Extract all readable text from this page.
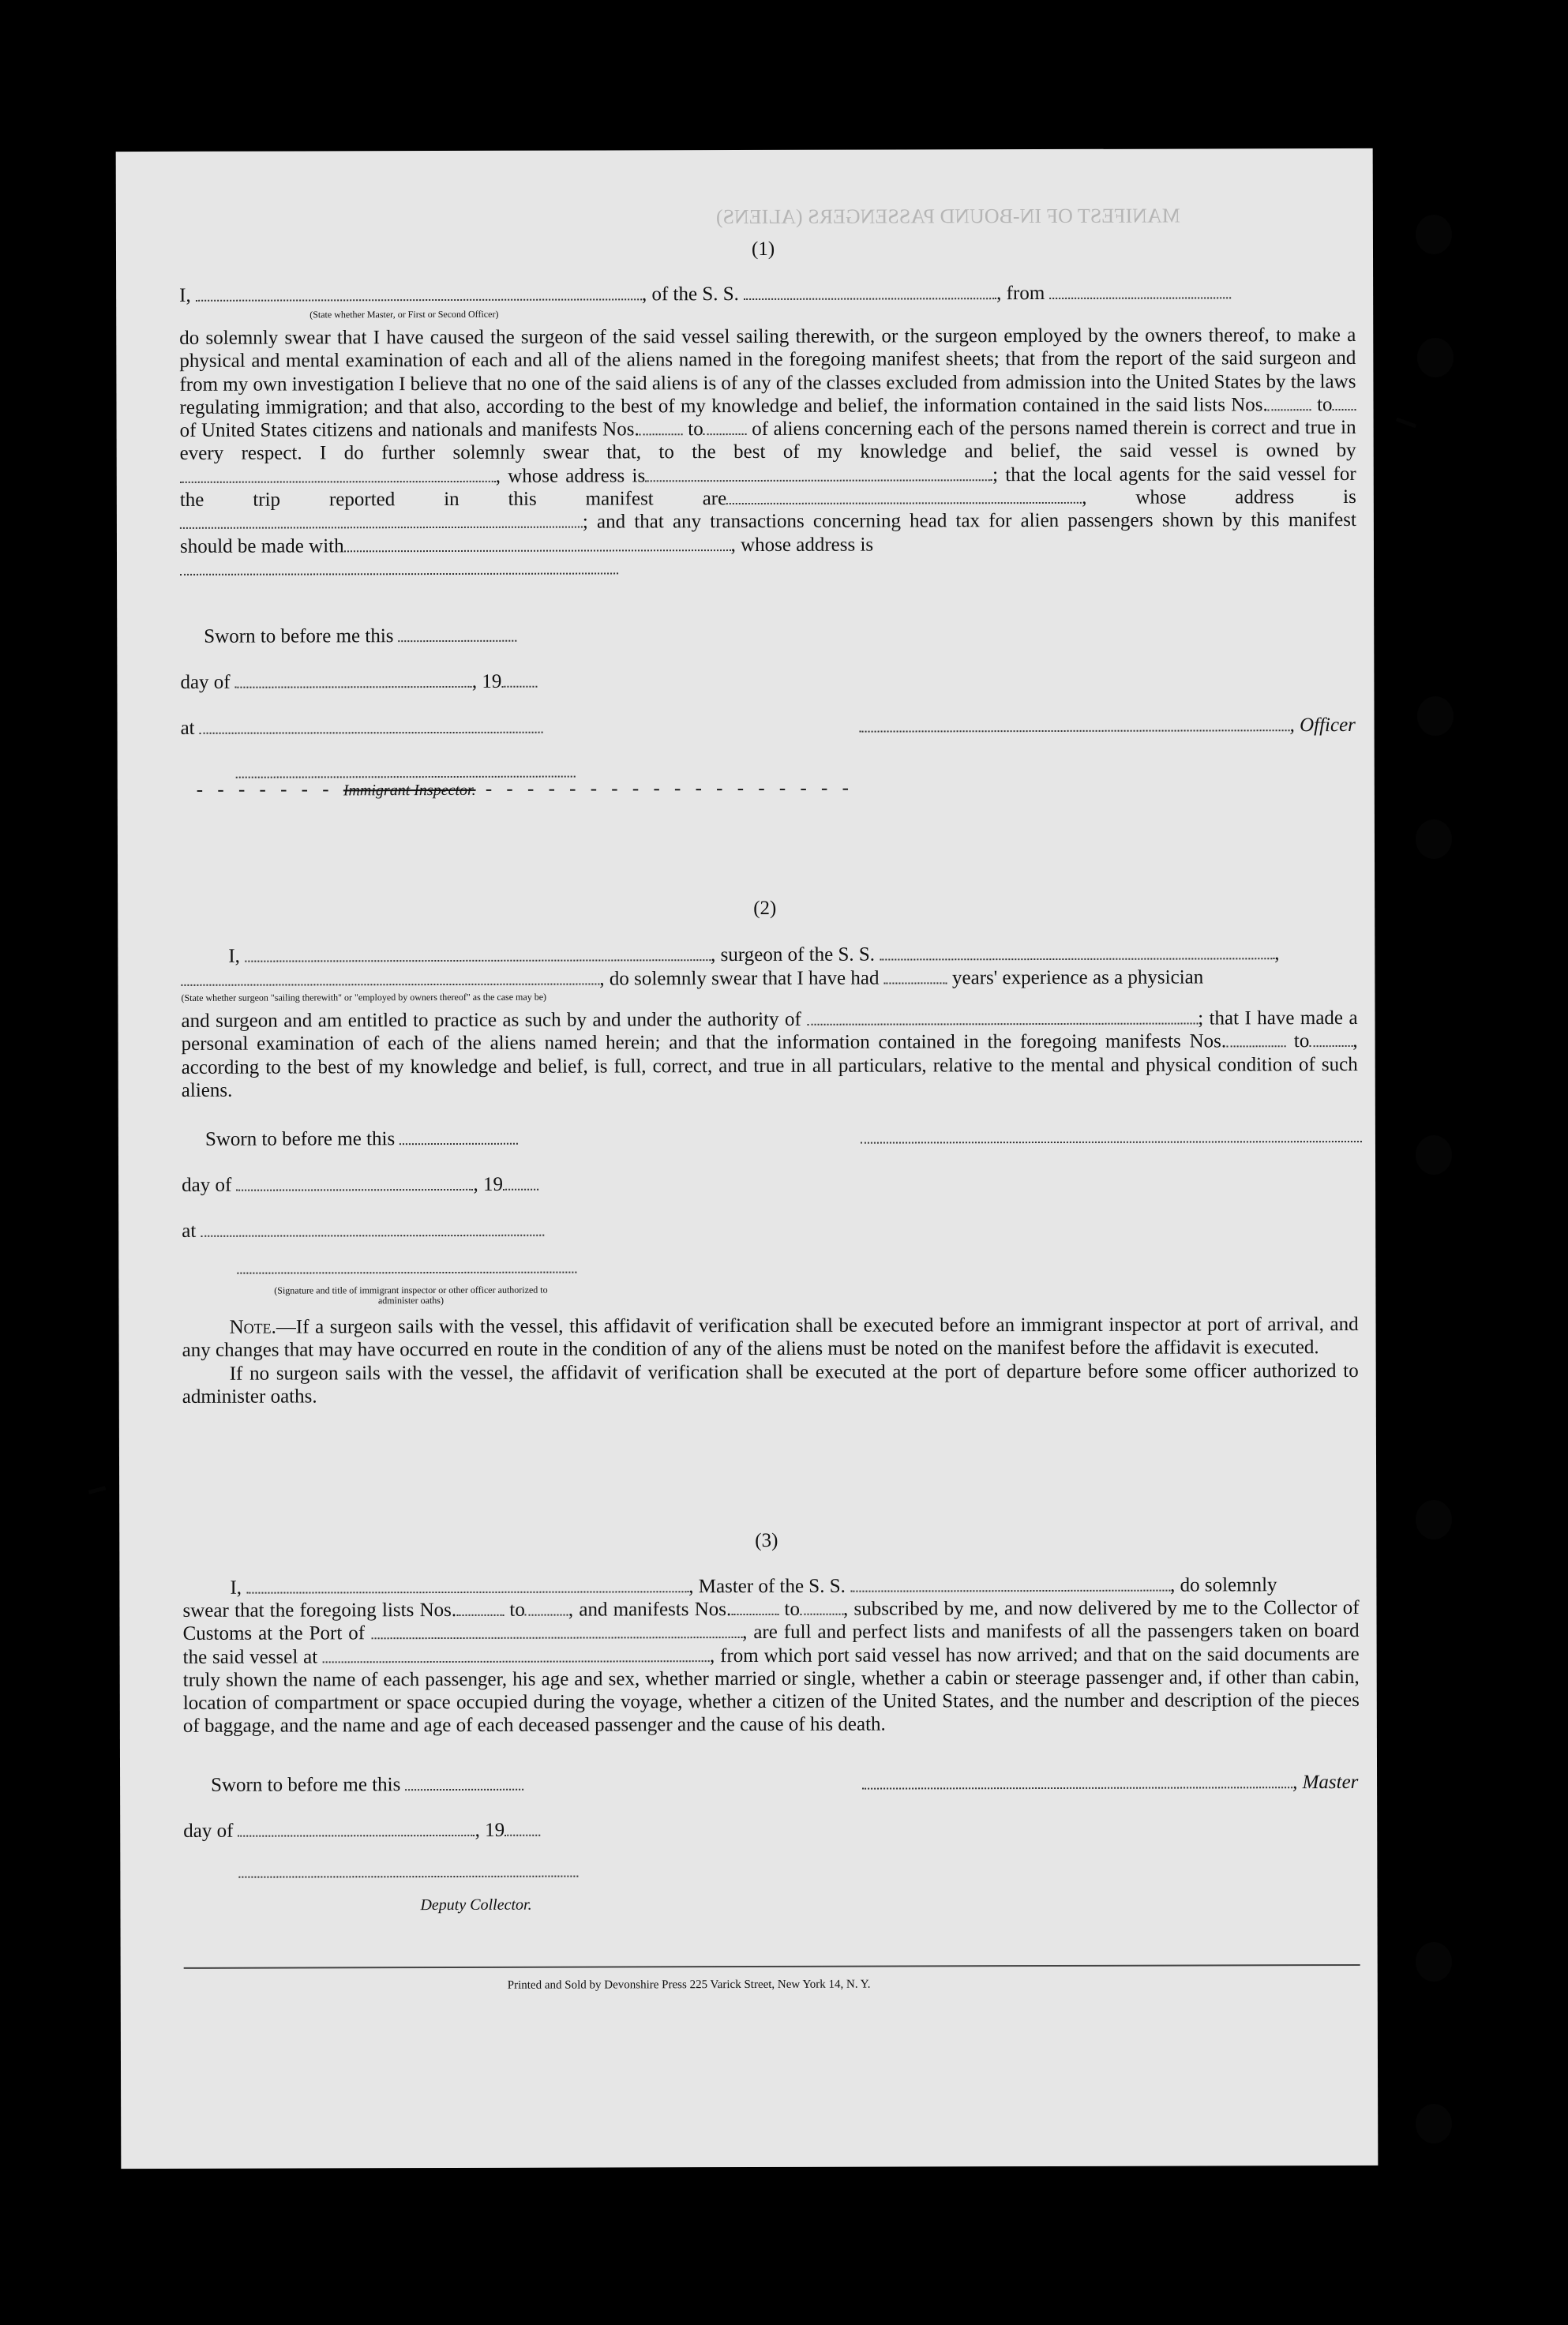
MANIFEST OF IN-BOUND PASSENGERS (ALIENS)
(1)
I,	, of the S. S.	, from
(State whether Master, or First or Second Officer)

do solemnly swear that I have caused the surgeon of the said vessel sailing therewith, or the surgeon employed by the owners thereof, to make a physical and mental examination of each and all of the aliens named in the foregoing manifest sheets; that from the report of the said surgeon and from my own investigation I believe that no one of the said aliens is of any of the classes excluded from admission into the United States by the laws regulating immigration; and that also, according to the best of my knowledge and belief, the information contained in the said lists Nos. to of United States citizens and nationals and manifests Nos. to of aliens concerning each of the persons named therein is correct and true in every respect. I do further solemnly swear that, to the best of my knowledge and belief, the said vessel is owned by, whose address is	; that the local agents for the said vessel for the trip reported in this manifest are	, whose address is; and that any transactions concerning head tax for alien passengers shown by this manifest should be made with	, whose address is

Sworn to before me this
day of	, 19
at	, Officer
- - - - - - - Immigrant Inspector. - - - - - - - - - - - - - - - - - -
(2)
I,	, surgeon of the S. S.	,
, do solemnly swear that I have had	years' experience as a physician
(State whether surgeon "sailing therewith" or "employed by owners thereof" as the case may be)

and surgeon and am entitled to practice as such by and under the authority of	; that I have made a personal examination of each of the aliens named herein; and that the information contained in the foregoing manifests Nos.	to , according to the best of my knowledge and belief, is full, correct, and true in all particulars, relative to the mental and physical condition of such aliens.

Sworn to before me this
day of	, 19
at
(Signature and title of immigrant inspector or other officer authorized to administer oaths)

Note.—If a surgeon sails with the vessel, this affidavit of verification shall be executed before an immigrant inspector at port of arrival, and any changes that may have occurred en route in the condition of any of the aliens must be noted on the manifest before the affidavit is executed.

If no surgeon sails with the vessel, the affidavit of verification shall be executed at the port of departure before some officer authorized to administer oaths.

(3)
I,	, Master of the S. S.	, do solemnly

swear that the foregoing lists Nos.	to , and manifests Nos.	to , subscribed by me, and now delivered by me to the Collector of Customs at the Port of	, are full and perfect lists and manifests of all the passengers taken on board the said vessel at	, from which port said vessel has now arrived; and that on the said documents are truly shown the name of each passenger, his age and sex, whether married or single, whether a cabin or steerage passenger and, if other than cabin, location of compartment or space occupied during the voyage, whether a citizen of the United States, and the number and description of the pieces of baggage, and the name and age of each deceased passenger and the cause of his death.

Sworn to before me this	, Master
day of	, 19
Deputy Collector.
Printed and Sold by Devonshire Press 225 Varick Street, New York 14, N. Y.
